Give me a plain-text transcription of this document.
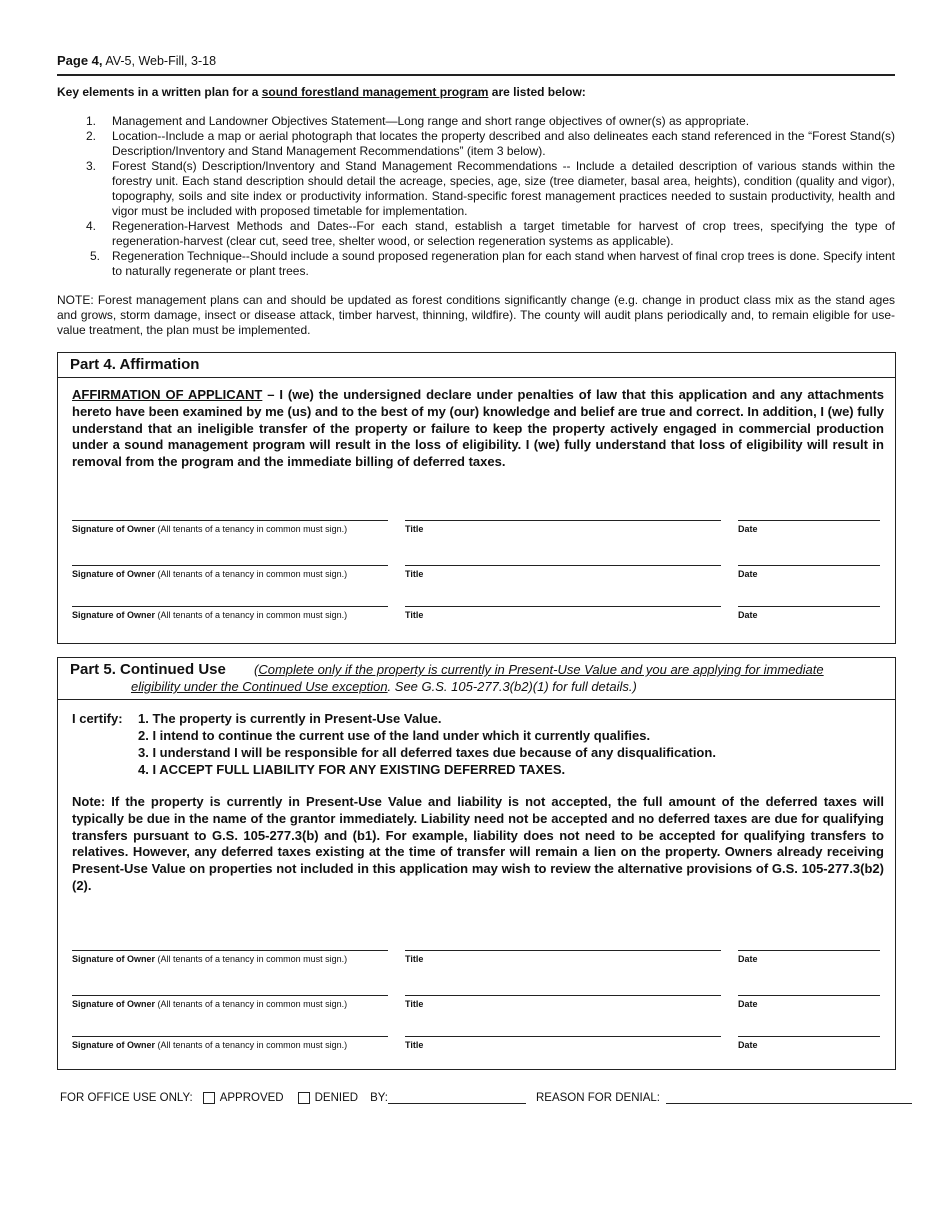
Page 4, AV-5, Web-Fill, 3-18
Key elements in a written plan for a sound forestland management program are listed below:
1.	Management and Landowner Objectives Statement—Long range and short range objectives of owner(s) as appropriate.
2.	Location--Include a map or aerial photograph that locates the property described and also delineates each stand referenced in the “Forest Stand(s) Description/Inventory and Stand Management Recommendations” (item 3 below).
3.	Forest Stand(s) Description/Inventory and Stand Management Recommendations -- Include a detailed description of various stands within the forestry unit. Each stand description should detail the acreage, species, age, size (tree diameter, basal area, heights), condition (quality and vigor), topography, soils and site index or productivity information. Stand-specific forest management practices needed to sustain productivity, health and vigor must be included with proposed timetable for implementation.
4.	Regeneration-Harvest Methods and Dates--For each stand, establish a target timetable for harvest of crop trees, specifying the type of regeneration-harvest (clear cut, seed tree, shelter wood, or selection regeneration systems as applicable).
5. Regeneration Technique--Should include a sound proposed regeneration plan for each stand when harvest of final crop trees is done. Specify intent to naturally regenerate or plant trees.
NOTE: Forest management plans can and should be updated as forest conditions significantly change (e.g. change in product class mix as the stand ages and grows, storm damage, insect or disease attack, timber harvest, thinning, wildfire). The county will audit plans periodically and, to remain eligible for use-value treatment, the plan must be implemented.
Part 4. Affirmation
AFFIRMATION OF APPLICANT – I (we) the undersigned declare under penalties of law that this application and any attachments hereto have been examined by me (us) and to the best of my (our) knowledge and belief are true and correct. In addition, I (we) fully understand that an ineligible transfer of the property or failure to keep the property actively engaged in commercial production under a sound management program will result in the loss of eligibility. I (we) fully understand that loss of eligibility will result in removal from the program and the immediate billing of deferred taxes.
Signature of Owner (All tenants of a tenancy in common must sign.)	Title	Date
Signature of Owner (All tenants of a tenancy in common must sign.)	Title	Date
Signature of Owner (All tenants of a tenancy in common must sign.)	Title	Date
Part 5. Continued Use (Complete only if the property is currently in Present-Use Value and you are applying for immediate
eligibility under the Continued Use exception. See G.S. 105-277.3(b2)(1) for full details.)
I certify:	1. The property is currently in Present-Use Value.
2. I intend to continue the current use of the land under which it currently qualifies.
3. I understand I will be responsible for all deferred taxes due because of any disqualification.
4. I ACCEPT FULL LIABILITY FOR ANY EXISTING DEFERRED TAXES.
Note: If the property is currently in Present-Use Value and liability is not accepted, the full amount of the deferred taxes will typically be due in the name of the grantor immediately. Liability need not be accepted and no deferred taxes are due for qualifying transfers pursuant to G.S. 105-277.3(b) and (b1). For example, liability does not need to be accepted for qualifying transfers to relatives. However, any deferred taxes existing at the time of transfer will remain a lien on the property. Owners already receiving Present-Use Value on properties not included in this application may wish to review the alternative provisions of G.S. 105-277.3(b2)(2).
Signature of Owner (All tenants of a tenancy in common must sign.)	Title	Date
Signature of Owner (All tenants of a tenancy in common must sign.)	Title	Date
Signature of Owner (All tenants of a tenancy in common must sign.)	Title	Date
FOR OFFICE USE ONLY: APPROVED	DENIED BY:	REASON FOR DENIAL:
